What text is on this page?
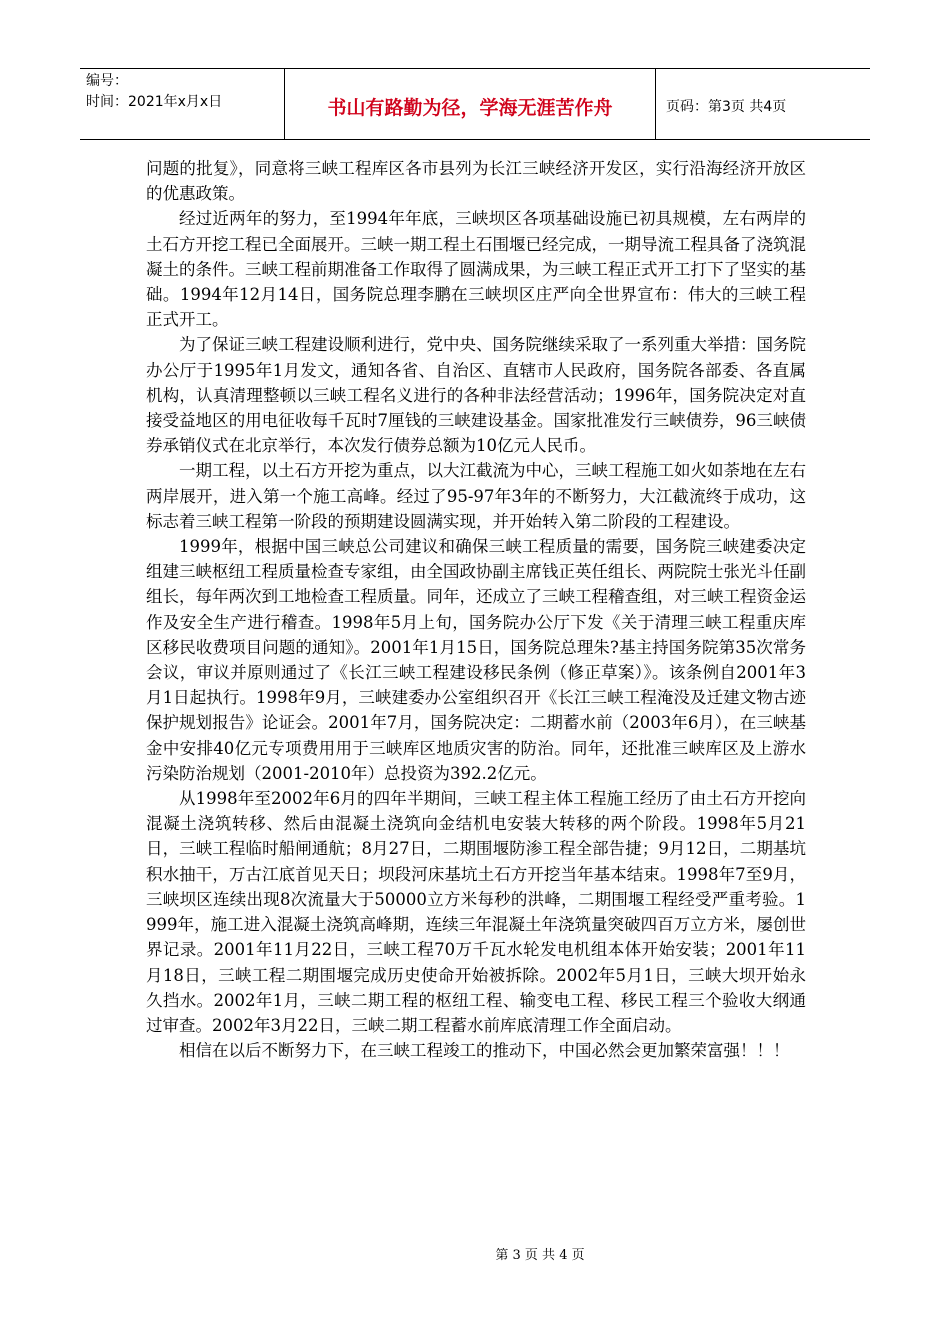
编号：
时间：2021年x月x日	书山有路勤为径，学海无涯苦作舟	页码：第3页 共4页

问题的批复》，同意将三峡工程库区各市县列为长江三峡经济开发区，实行沿海经济开放区的优惠政策。

经过近两年的努力，至1994年年底，三峡坝区各项基础设施已初具规模，左右两岸的土石方开挖工程已全面展开。三峡一期工程土石围堰已经完成，一期导流工程具备了浇筑混凝土的条件。三峡工程前期准备工作取得了圆满成果，为三峡工程正式开工打下了坚实的基础。1994年12月14日，国务院总理李鹏在三峡坝区庄严向全世界宣布：伟大的三峡工程正式开工。

为了保证三峡工程建设顺利进行，党中央、国务院继续采取了一系列重大举措：国务院办公厅于1995年1月发文，通知各省、自治区、直辖市人民政府，国务院各部委、各直属机构，认真清理整顿以三峡工程名义进行的各种非法经营活动；1996年，国务院决定对直接受益地区的用电征收每千瓦时7厘钱的三峡建设基金。国家批准发行三峡债券，96三峡债券承销仪式在北京举行，本次发行债券总额为10亿元人民币。

一期工程，以土石方开挖为重点，以大江截流为中心，三峡工程施工如火如荼地在左右两岸展开，进入第一个施工高峰。经过了95-97年3年的不断努力，大江截流终于成功，这标志着三峡工程第一阶段的预期建设圆满实现，并开始转入第二阶段的工程建设。

1999年，根据中国三峡总公司建议和确保三峡工程质量的需要，国务院三峡建委决定组建三峡枢纽工程质量检查专家组，由全国政协副主席钱正英任组长、两院院士张光斗任副组长，每年两次到工地检查工程质量。同年，还成立了三峡工程稽查组，对三峡工程资金运作及安全生产进行稽查。1998年5月上旬，国务院办公厅下发《关于清理三峡工程重庆库区移民收费项目问题的通知》。2001年1月15日，国务院总理朱?基主持国务院第35次常务会议，审议并原则通过了《长江三峡工程建设移民条例（修正草案）》。该条例自2001年3月1日起执行。1998年9月，三峡建委办公室组织召开《长江三峡工程淹没及迁建文物古迹保护规划报告》论证会。2001年7月，国务院决定：二期蓄水前（2003年6月），在三峡基金中安排40亿元专项费用用于三峡库区地质灾害的防治。同年，还批准三峡库区及上游水污染防治规划（2001-2010年）总投资为392.2亿元。

从1998年至2002年6月的四年半期间，三峡工程主体工程施工经历了由土石方开挖向混凝土浇筑转移、然后由混凝土浇筑向金结机电安装大转移的两个阶段。1998年5月21日，三峡工程临时船闸通航；8月27日，二期围堰防渗工程全部告捷；9月12日，二期基坑积水抽干，万古江底首见天日；坝段河床基坑土石方开挖当年基本结束。1998年7至9月，三峡坝区连续出现8次流量大于50000立方米每秒的洪峰，二期围堰工程经受严重考验。1999年，施工进入混凝土浇筑高峰期，连续三年混凝土年浇筑量突破四百万立方米，屡创世界记录。2001年11月22日，三峡工程70万千瓦水轮发电机组本体开始安装；2001年11月18日，三峡工程二期围堰完成历史使命开始被拆除。2002年5月1日，三峡大坝开始永久挡水。2002年1月，三峡二期工程的枢纽工程、输变电工程、移民工程三个验收大纲通过审查。2002年3月22日，三峡二期工程蓄水前库底清理工作全面启动。

相信在以后不断努力下，在三峡工程竣工的推动下，中国必然会更加繁荣富强！！！

第 3 页 共 4 页
